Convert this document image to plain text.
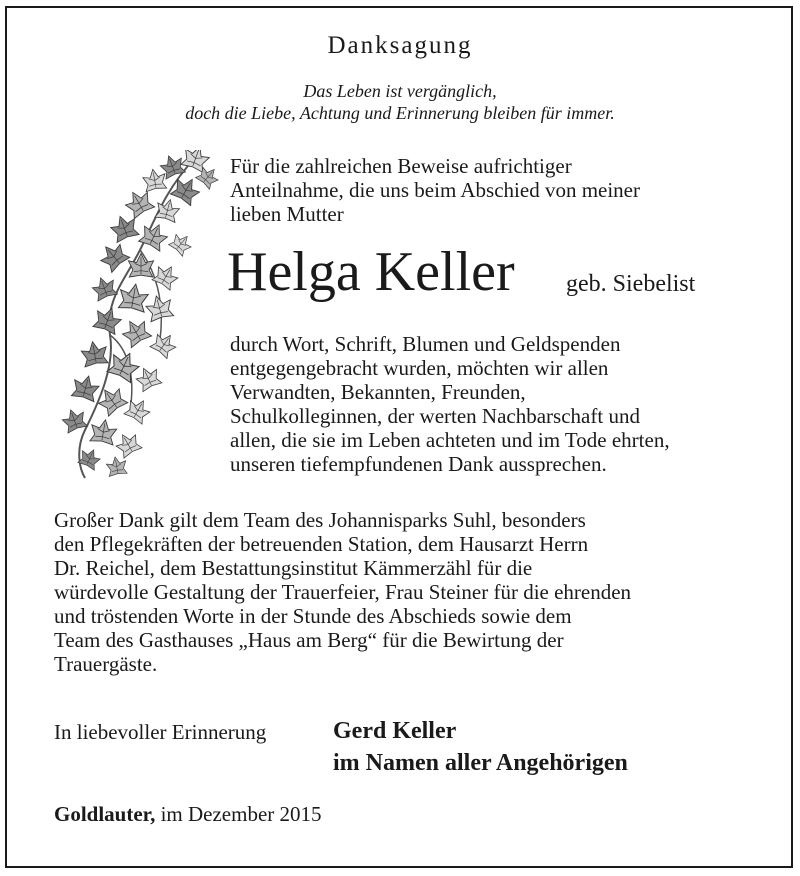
Danksagung
Das Leben ist vergänglich,
doch die Liebe, Achtung und Erinnerung bleiben für immer.
Für die zahlreichen Beweise aufrichtiger
Anteilnahme, die uns beim Abschied von meiner
lieben Mutter
Helga Keller geb. Siebelist
durch Wort, Schrift, Blumen und Geldspenden
entgegengebracht wurden, möchten wir allen
Verwandten, Bekannten, Freunden,
Schulkolleginnen, der werten Nachbarschaft und
allen, die sie im Leben achteten und im Tode ehrten,
unseren tiefempfundenen Dank aussprechen.
Großer Dank gilt dem Team des Johannisparks Suhl, besonders
den Pflegekräften der betreuenden Station, dem Hausarzt Herrn
Dr. Reichel, dem Bestattungsinstitut Kämmerzähl für die
würdevolle Gestaltung der Trauerfeier, Frau Steiner für die ehrenden
und tröstenden Worte in der Stunde des Abschieds sowie dem
Team des Gasthauses „Haus am Berg“ für die Bewirtung der
Trauergäste.
In liebevoller Erinnerung	Gerd Keller
im Namen aller Angehörigen
Goldlauter, im Dezember 2015
